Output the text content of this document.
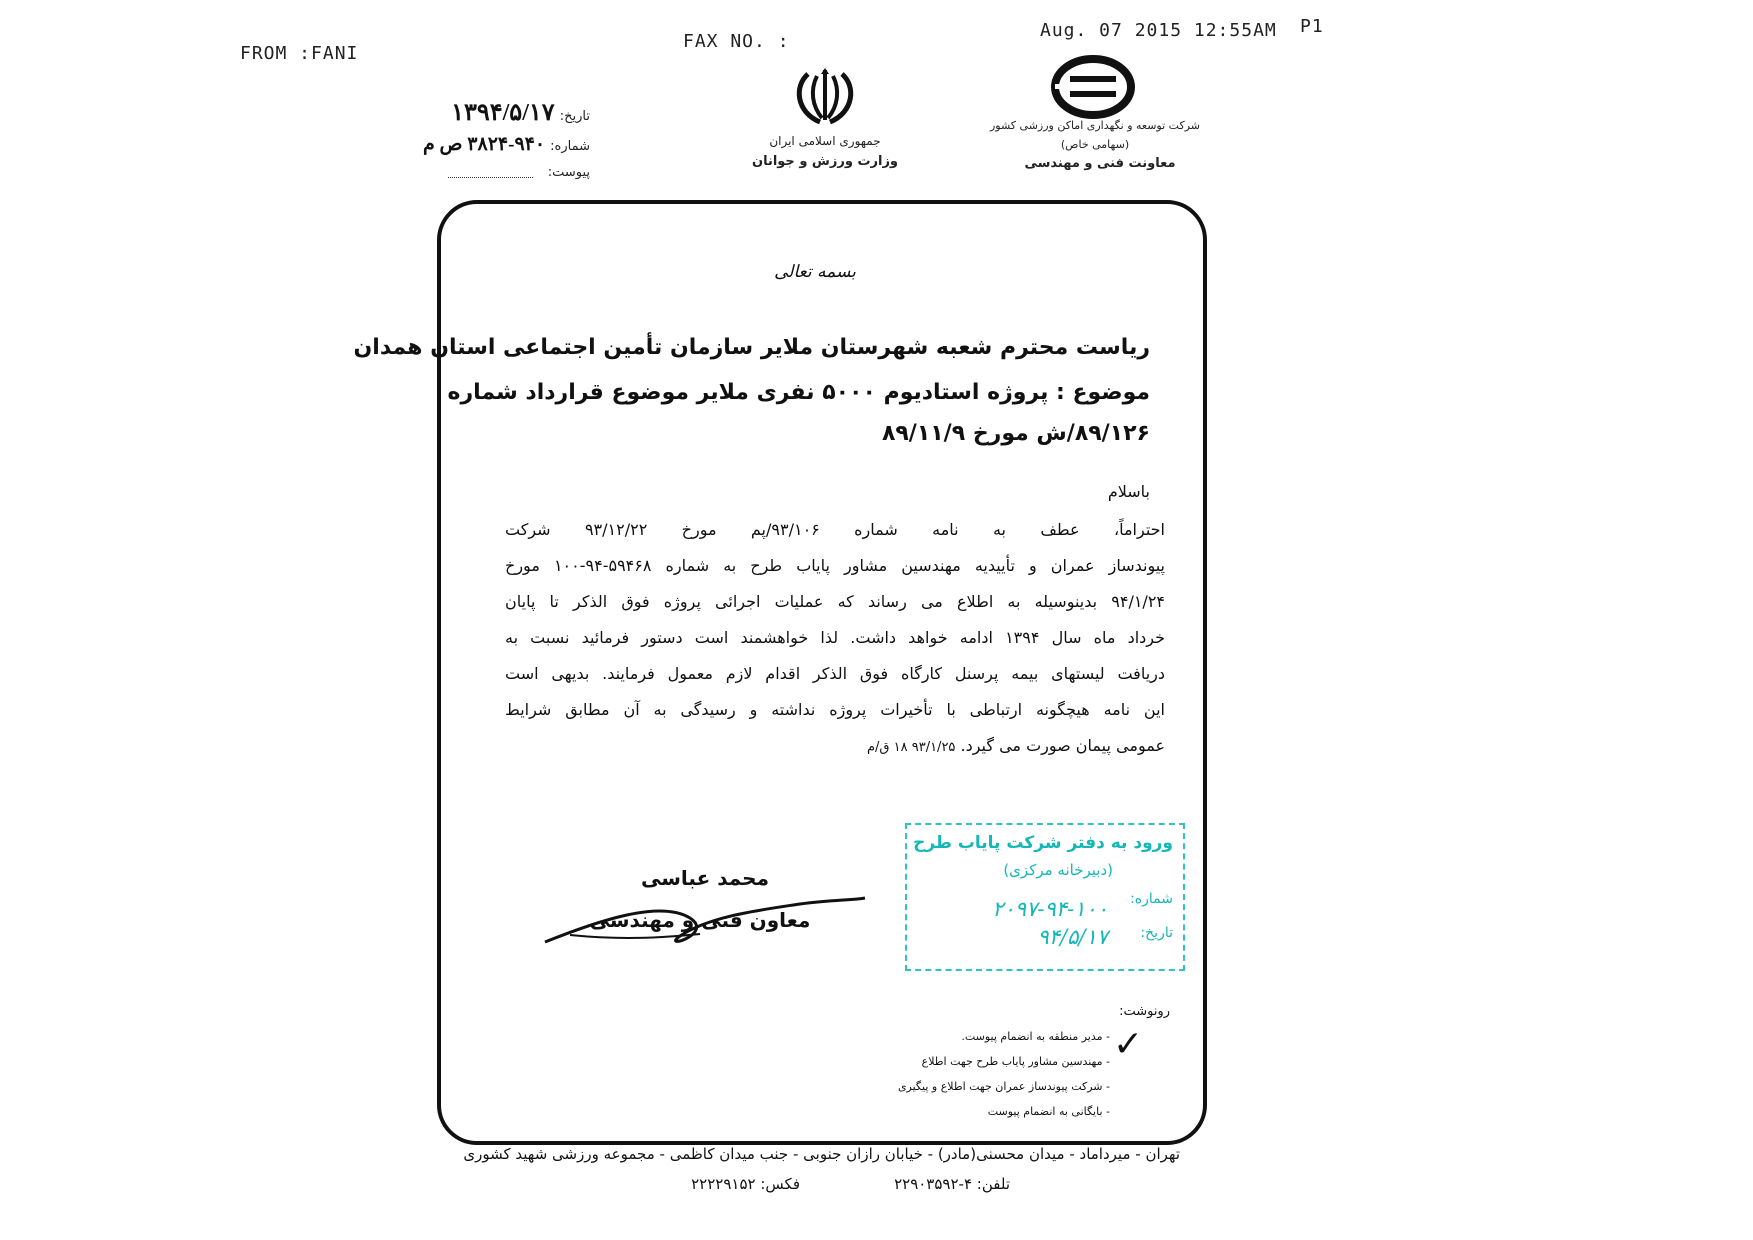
FROM :FANI
FAX NO. :
Aug. 07 2015 12:55AM P1
تاریخ: ۱۳۹۴/۵/۱۷
شماره: ۹۴۰-۳۸۲۴ ص م
پیوست:
جمهوری اسلامی ایران
وزارت ورزش و جوانان
شرکت توسعه و نگهداری اماکن ورزشی کشور
(سهامی خاص)
معاونت فنی و مهندسی
بسمه تعالی
ریاست محترم شعبه شهرستان ملایر سازمان تأمین اجتماعی استان همدان
موضوع : پروژه استادیوم ۵۰۰۰ نفری ملایر موضوع قرارداد شماره
۸۹/۱۲۶/ش مورخ ۸۹/۱۱/۹
باسلام
احتراماً، عطف به نامه شماره ۹۳/۱۰۶/پم مورخ ۹۳/۱۲/۲۲ شرکت
پیوندساز عمران و تأییدیه مهندسین مشاور پایاب طرح به شماره ۵۹۴۶۸-۹۴-۱۰۰ مورخ
۹۴/۱/۲۴ بدینوسیله به اطلاع می رساند که عملیات اجرائی پروژه فوق الذکر تا پایان
خرداد ماه سال ۱۳۹۴ ادامه خواهد داشت. لذا خواهشمند است دستور فرمائید نسبت به
دریافت لیستهای بیمه پرسنل کارگاه فوق الذکر اقدام لازم معمول فرمایند. بدیهی است
این نامه هیچگونه ارتباطی با تأخیرات پروژه نداشته و رسیدگی به آن مطابق شرایط
عمومی پیمان صورت می گیرد. ۹۳/۱/۲۵ ۱۸ ق/م
محمد عباسی
معاون فنی و مهندسی
ورود به دفتر شرکت پایاب طرح
(دبیرخانه مرکزی)
شماره:
۲۰۹۷-۹۴-۱۰۰
تاریخ:
۹۴/۵/۱۷
رونوشت:
✓
- مدیر منطقه به انضمام پیوست.
- مهندسین مشاور پایاب طرح جهت اطلاع
- شرکت پیوندساز عمران جهت اطلاع و پیگیری
- بایگانی به انضمام پیوست
تهران - میرداماد - میدان محسنی(مادر) - خیابان رازان جنوبی - جنب میدان کاظمی - مجموعه ورزشی شهید کشوری
تلفن: ۴-۲۲۹۰۳۵۹۲
فکس: ۲۲۲۲۹۱۵۲
